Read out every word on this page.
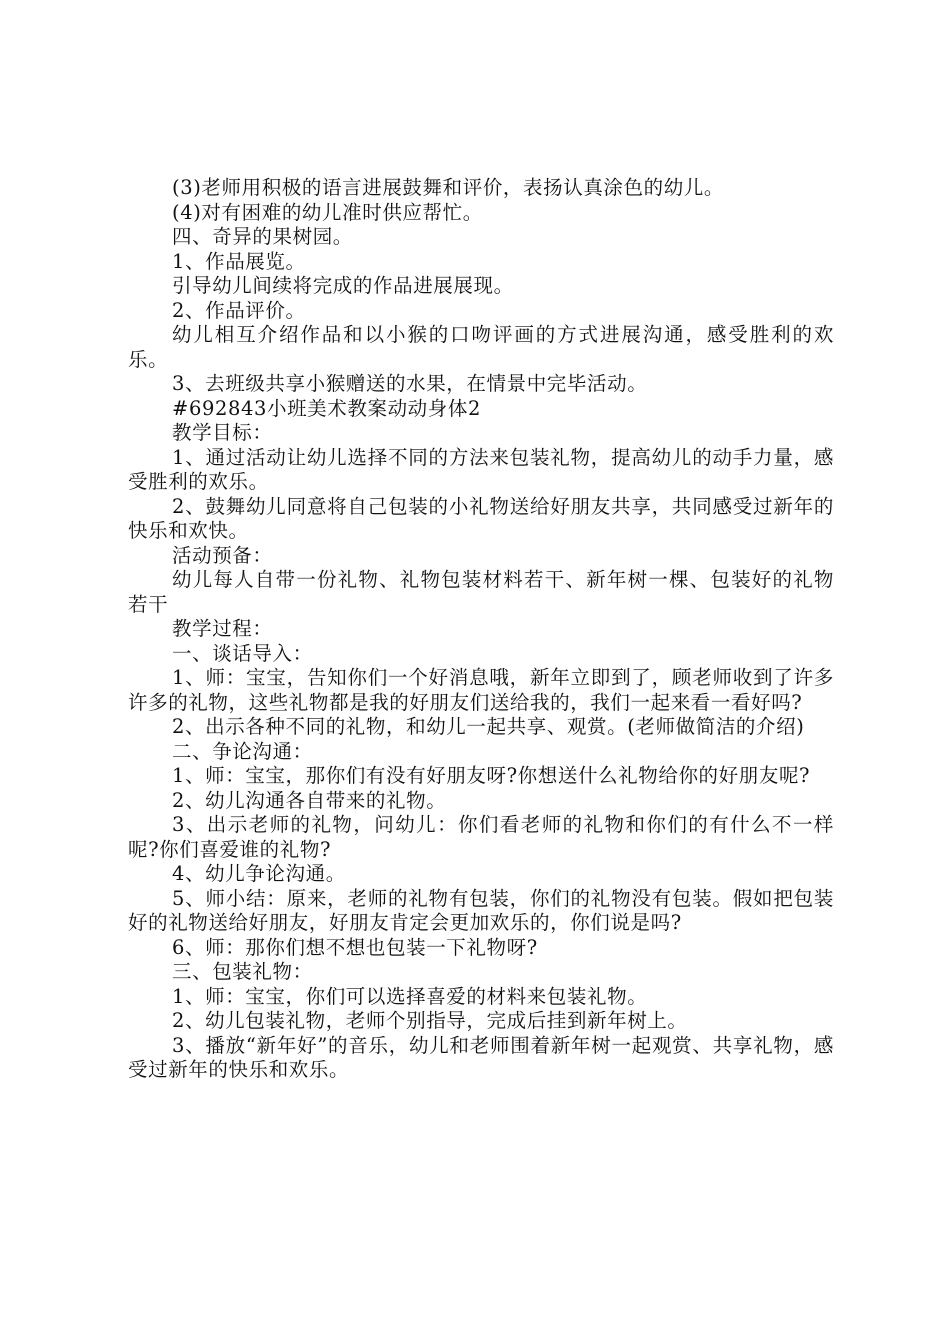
(3)老师用积极的语言进展鼓舞和评价，表扬认真涂色的幼儿。

(4)对有困难的幼儿准时供应帮忙。

四、奇异的果树园。

1、作品展览。

引导幼儿间续将完成的作品进展展现。

2、作品评价。

幼儿相互介绍作品和以小猴的口吻评画的方式进展沟通，感受胜利的欢乐。

3、去班级共享小猴赠送的水果，在情景中完毕活动。

#692843小班美术教案动动身体2

教学目标：

1、通过活动让幼儿选择不同的方法来包装礼物，提高幼儿的动手力量，感受胜利的欢乐。

2、鼓舞幼儿同意将自己包装的小礼物送给好朋友共享，共同感受过新年的快乐和欢快。

活动预备：

幼儿每人自带一份礼物、礼物包装材料若干、新年树一棵、包装好的礼物若干

教学过程：

一、谈话导入：

1、师：宝宝，告知你们一个好消息哦，新年立即到了，顾老师收到了许多许多的礼物，这些礼物都是我的好朋友们送给我的，我们一起来看一看好吗?

2、出示各种不同的礼物，和幼儿一起共享、观赏。(老师做简洁的介绍)

二、争论沟通：

1、师：宝宝，那你们有没有好朋友呀?你想送什么礼物给你的好朋友呢?

2、幼儿沟通各自带来的礼物。

3、出示老师的礼物，问幼儿：你们看老师的礼物和你们的有什么不一样呢?你们喜爱谁的礼物?

4、幼儿争论沟通。

5、师小结：原来，老师的礼物有包装，你们的礼物没有包装。假如把包装好的礼物送给好朋友，好朋友肯定会更加欢乐的，你们说是吗?

6、师：那你们想不想也包装一下礼物呀?

三、包装礼物：

1、师：宝宝，你们可以选择喜爱的材料来包装礼物。

2、幼儿包装礼物，老师个别指导，完成后挂到新年树上。

3、播放“新年好”的音乐，幼儿和老师围着新年树一起观赏、共享礼物，感受过新年的快乐和欢乐。
